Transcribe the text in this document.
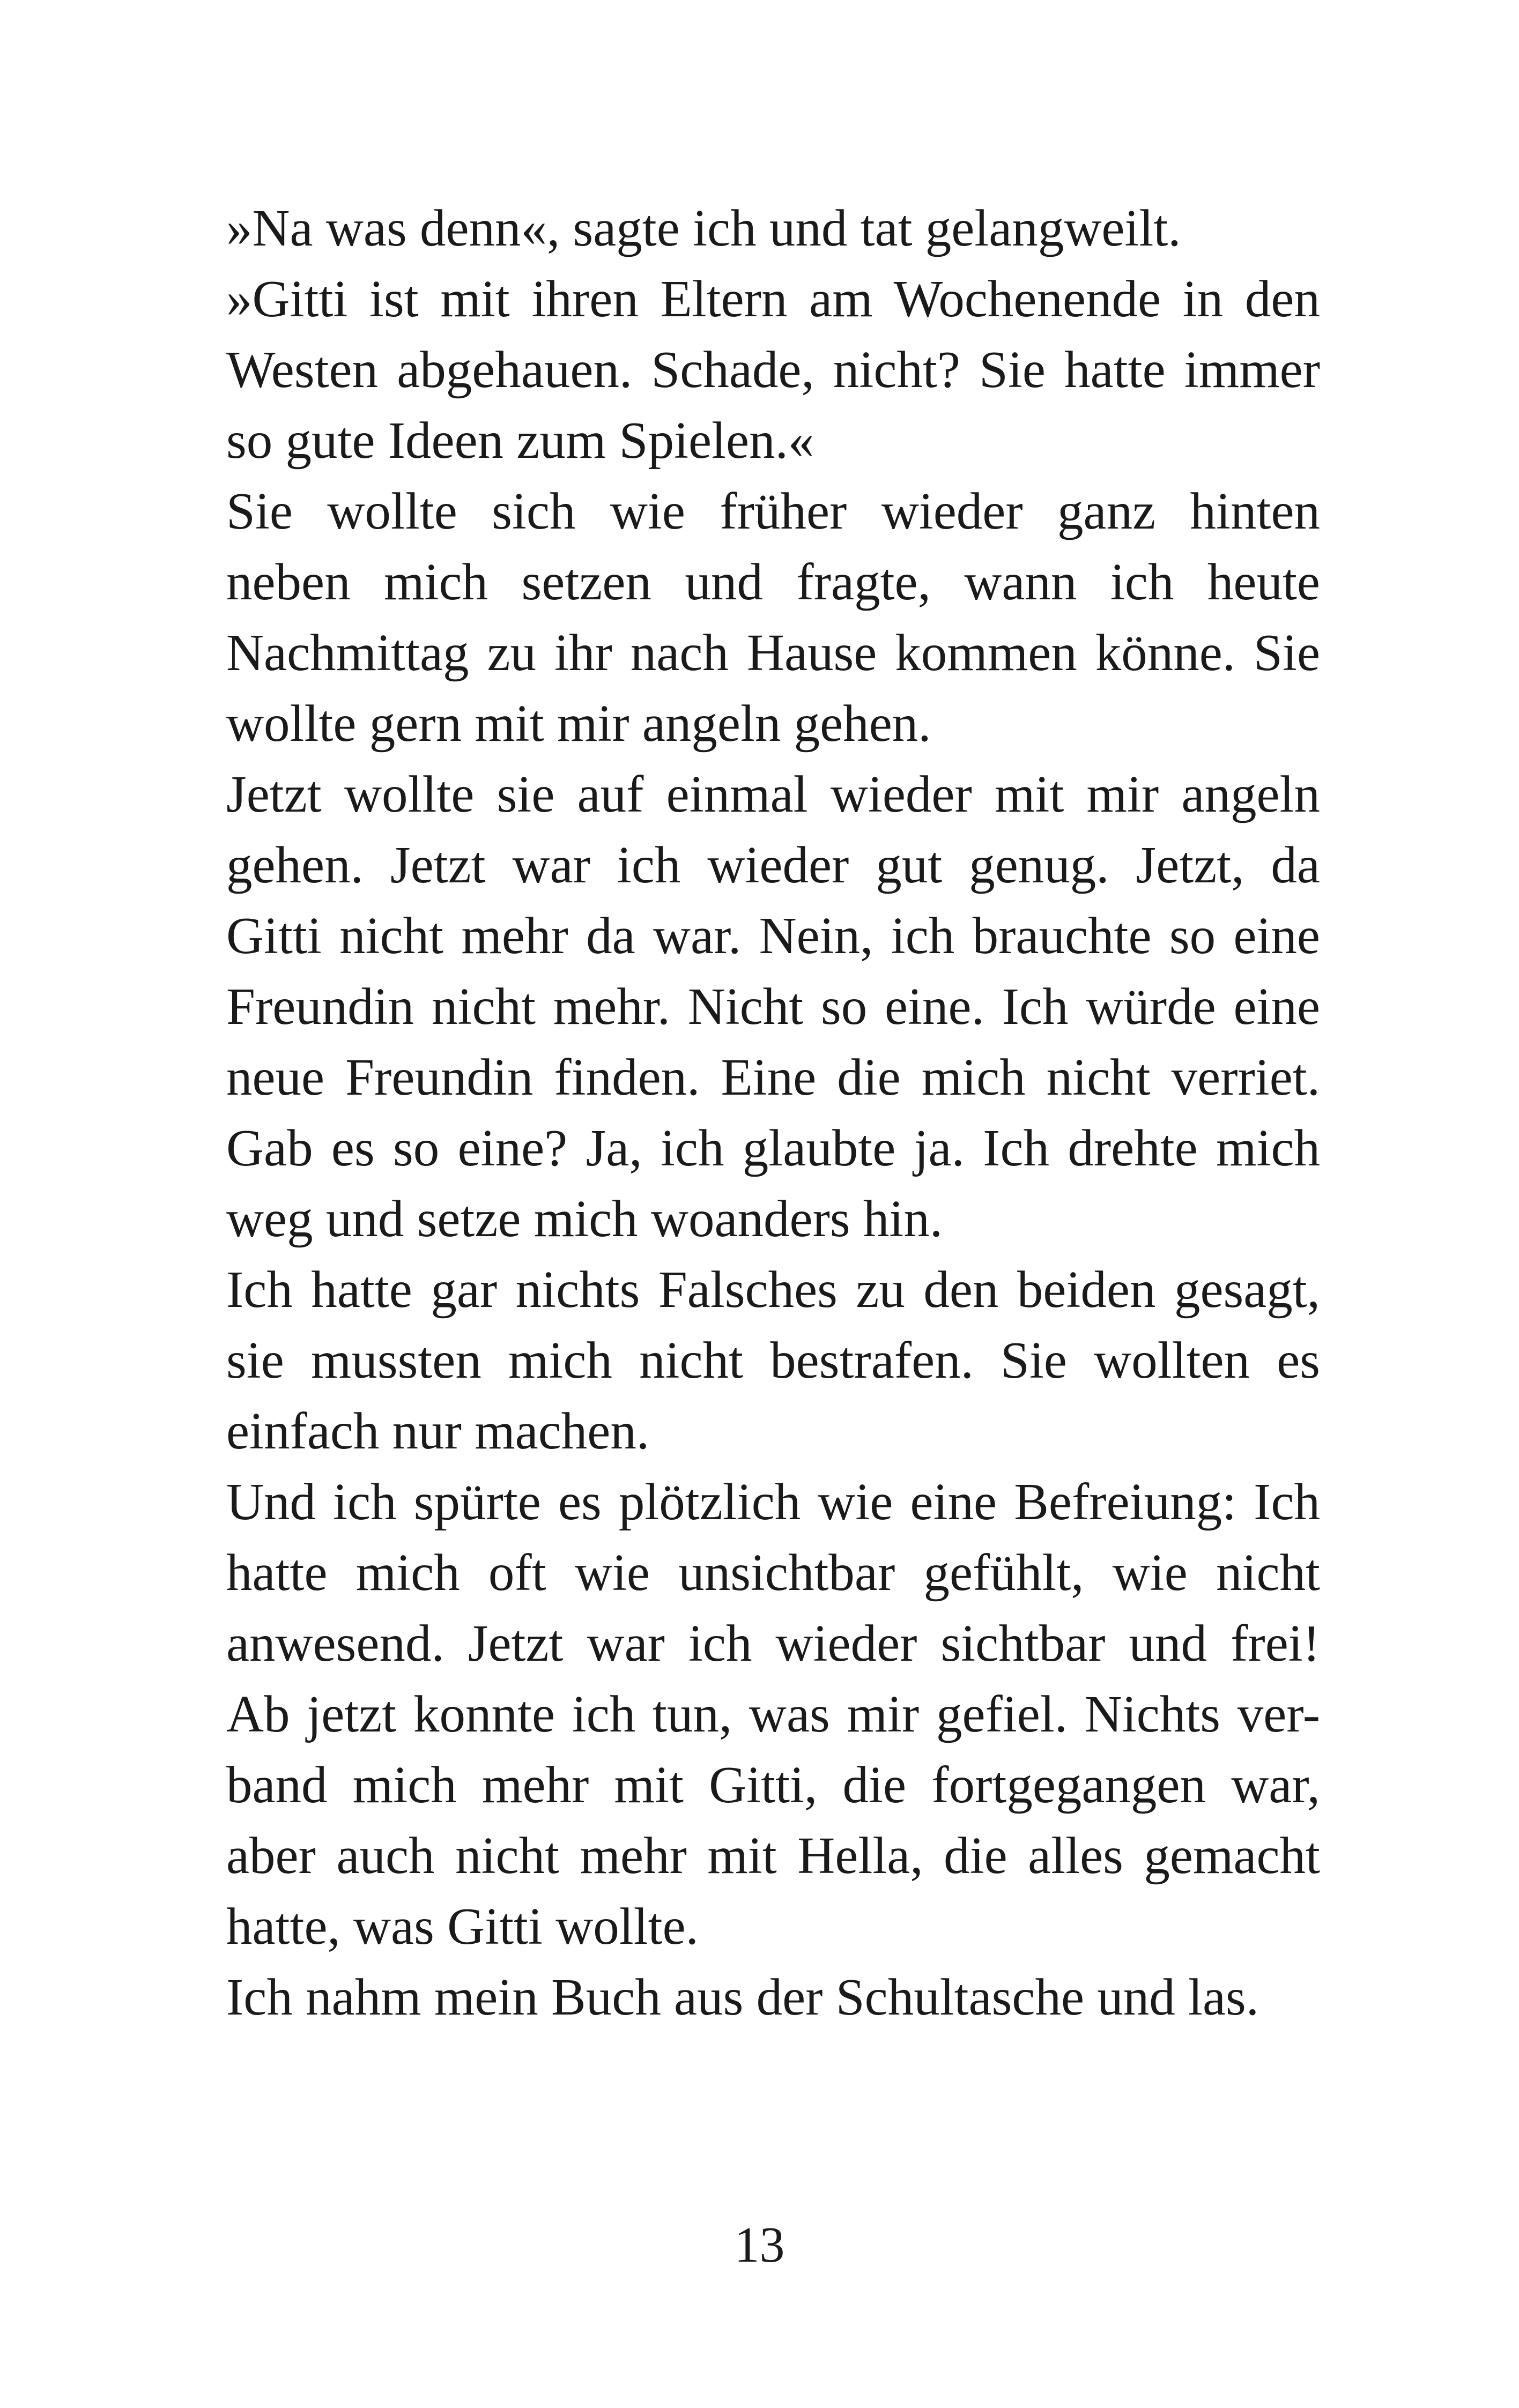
»Na was denn«, sagte ich und tat gelangweilt.
»Gitti ist mit ihren Eltern am Wochenende in den
Westen abgehauen. Schade, nicht? Sie hatte immer
so gute Ideen zum Spielen.«
Sie wollte sich wie früher wieder ganz hinten
neben mich setzen und fragte, wann ich heute
Nachmittag zu ihr nach Hause kommen könne. Sie
wollte gern mit mir angeln gehen.
Jetzt wollte sie auf einmal wieder mit mir angeln
gehen. Jetzt war ich wieder gut genug. Jetzt, da
Gitti nicht mehr da war. Nein, ich brauchte so eine
Freundin nicht mehr. Nicht so eine. Ich würde eine
neue Freundin finden. Eine die mich nicht verriet.
Gab es so eine? Ja, ich glaubte ja. Ich drehte mich
weg und setze mich woanders hin.
Ich hatte gar nichts Falsches zu den beiden gesagt,
sie mussten mich nicht bestrafen. Sie wollten es
einfach nur machen.
Und ich spürte es plötzlich wie eine Befreiung: Ich
hatte mich oft wie unsichtbar gefühlt, wie nicht
anwesend. Jetzt war ich wieder sichtbar und frei!
Ab jetzt konnte ich tun, was mir gefiel. Nichts ver-
band mich mehr mit Gitti, die fortgegangen war,
aber auch nicht mehr mit Hella, die alles gemacht
hatte, was Gitti wollte.
Ich nahm mein Buch aus der Schultasche und las.
13
